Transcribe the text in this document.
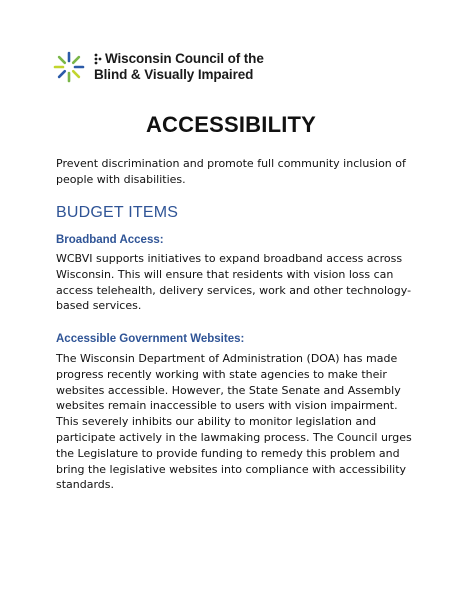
Wisconsin Council of the
Blind & Visually Impaired
ACCESSIBILITY

Prevent discrimination and promote full community inclusion of people with disabilities.

BUDGET ITEMS
Broadband Access:

WCBVI supports initiatives to expand broadband access across Wisconsin. This will ensure that residents with vision loss can access telehealth, delivery services, work and other technology-based services.

Accessible Government Websites:

The Wisconsin Department of Administration (DOA) has made progress recently working with state agencies to make their websites accessible. However, the State Senate and Assembly websites remain inaccessible to users with vision impairment. This severely inhibits our ability to monitor legislation and participate actively in the lawmaking process. The Council urges the Legislature to provide funding to remedy this problem and bring the legislative websites into compliance with accessibility standards.
